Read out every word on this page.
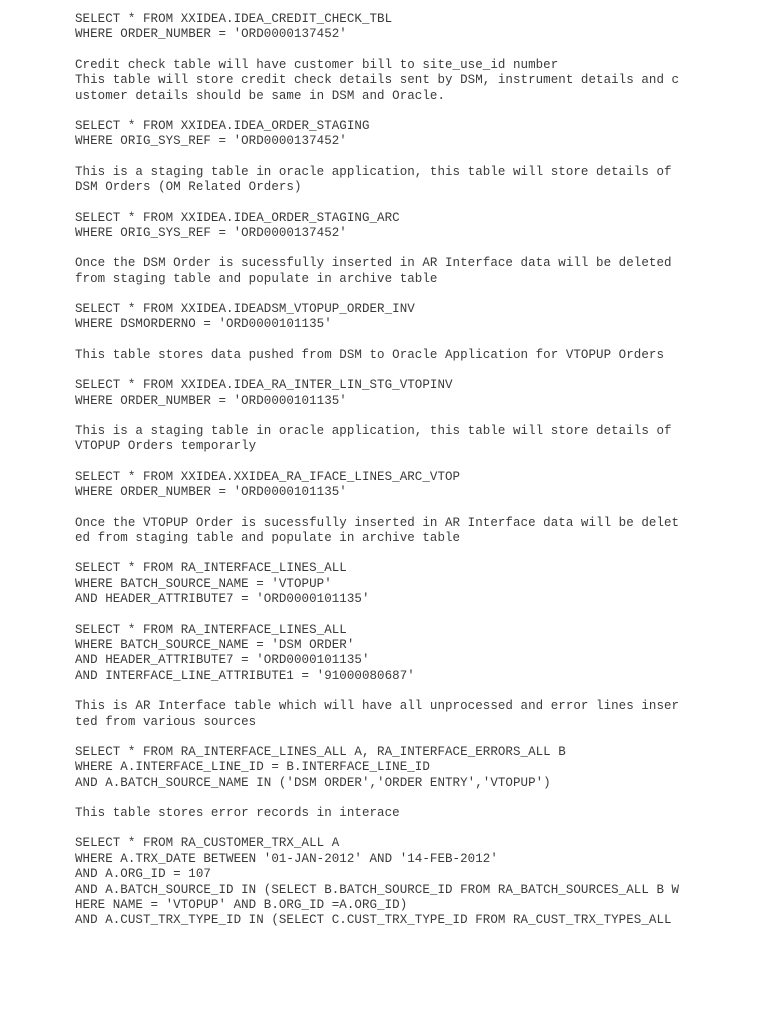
SELECT * FROM XXIDEA.IDEA_CREDIT_CHECK_TBL
WHERE ORDER_NUMBER = 'ORD0000137452'
Credit check table will have customer bill to site_use_id number
This table will store credit check details sent by DSM, instrument details and c
ustomer details should be same in DSM and Oracle.
SELECT * FROM XXIDEA.IDEA_ORDER_STAGING
WHERE ORIG_SYS_REF = 'ORD0000137452'
This is a staging table in oracle application, this table will store details of
DSM Orders (OM Related Orders)
SELECT * FROM XXIDEA.IDEA_ORDER_STAGING_ARC
WHERE ORIG_SYS_REF = 'ORD0000137452'
Once the DSM Order is sucessfully inserted in AR Interface data will be deleted
from staging table and populate in archive table
SELECT * FROM XXIDEA.IDEADSM_VTOPUP_ORDER_INV
WHERE DSMORDERNO = 'ORD0000101135'
This table stores data pushed from DSM to Oracle Application for VTOPUP Orders
SELECT * FROM XXIDEA.IDEA_RA_INTER_LIN_STG_VTOPINV
WHERE ORDER_NUMBER = 'ORD0000101135'
This is a staging table in oracle application, this table will store details of
VTOPUP Orders temporarly
SELECT * FROM XXIDEA.XXIDEA_RA_IFACE_LINES_ARC_VTOP
WHERE ORDER_NUMBER = 'ORD0000101135'
Once the VTOPUP Order is sucessfully inserted in AR Interface data will be delet
ed from staging table and populate in archive table
SELECT * FROM RA_INTERFACE_LINES_ALL
WHERE BATCH_SOURCE_NAME = 'VTOPUP'
AND HEADER_ATTRIBUTE7 = 'ORD0000101135'
SELECT * FROM RA_INTERFACE_LINES_ALL
WHERE BATCH_SOURCE_NAME = 'DSM ORDER'
AND HEADER_ATTRIBUTE7 = 'ORD0000101135'
AND INTERFACE_LINE_ATTRIBUTE1 = '91000080687'
This is AR Interface table which will have all unprocessed and error lines inser
ted from various sources
SELECT * FROM RA_INTERFACE_LINES_ALL A, RA_INTERFACE_ERRORS_ALL B
WHERE A.INTERFACE_LINE_ID = B.INTERFACE_LINE_ID
AND A.BATCH_SOURCE_NAME IN ('DSM ORDER','ORDER ENTRY','VTOPUP')
This table stores error records in interace
SELECT * FROM RA_CUSTOMER_TRX_ALL A
WHERE A.TRX_DATE BETWEEN '01-JAN-2012' AND '14-FEB-2012'
AND A.ORG_ID = 107
AND A.BATCH_SOURCE_ID IN (SELECT B.BATCH_SOURCE_ID FROM RA_BATCH_SOURCES_ALL B W
HERE NAME = 'VTOPUP' AND B.ORG_ID =A.ORG_ID)
AND A.CUST_TRX_TYPE_ID IN (SELECT C.CUST_TRX_TYPE_ID FROM RA_CUST_TRX_TYPES_ALL
